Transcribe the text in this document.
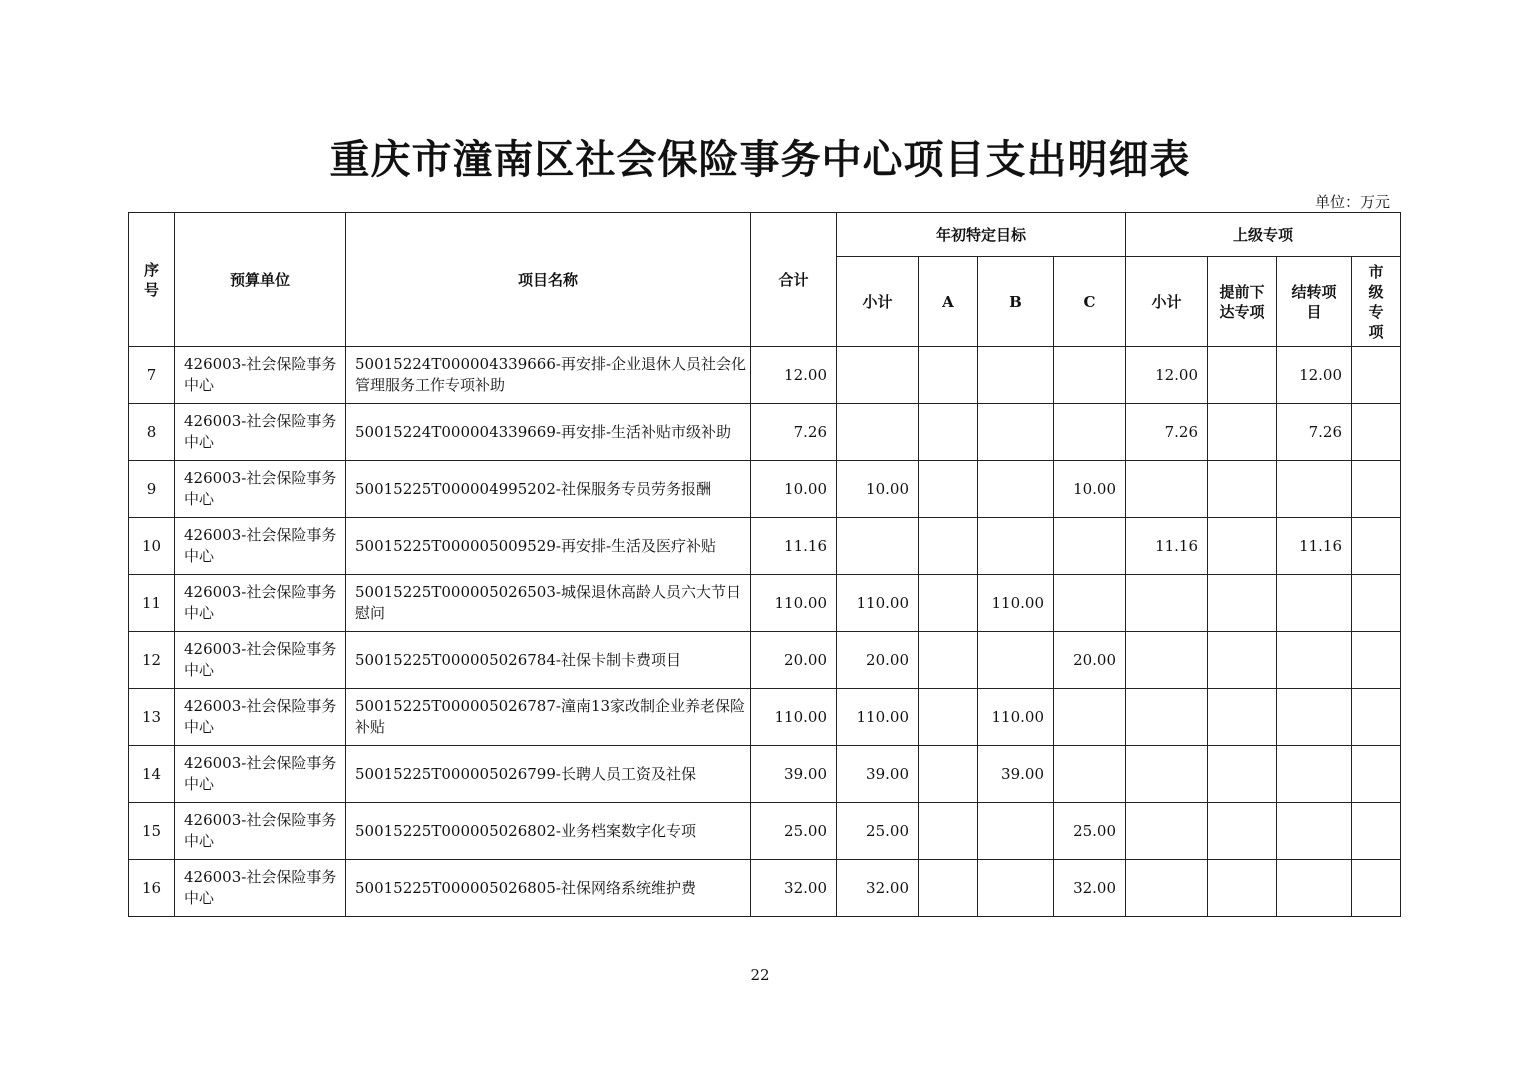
重庆市潼南区社会保险事务中心项目支出明细表
单位：万元
序号	预算单位	项目名称	合计	年初特定目标				上级专项			
				小计	A	B	C	小计	提前下达专项	结转项目	市级专项

7	426003-社会保险事务中心	50015224T000004339666-再安排-企业退休人员社会化管理服务工作专项补助	12.00					12.00		12.00	
8	426003-社会保险事务中心	50015224T000004339669-再安排-生活补贴市级补助	7.26					7.26		7.26	
9	426003-社会保险事务中心	50015225T000004995202-社保服务专员劳务报酬	10.00	10.00			10.00				
10	426003-社会保险事务中心	50015225T000005009529-再安排-生活及医疗补贴	11.16					11.16		11.16	
11	426003-社会保险事务中心	50015225T000005026503-城保退休高龄人员六大节日慰问	110.00	110.00		110.00					
12	426003-社会保险事务中心	50015225T000005026784-社保卡制卡费项目	20.00	20.00			20.00				
13	426003-社会保险事务中心	50015225T000005026787-潼南13家改制企业养老保险补贴	110.00	110.00		110.00					
14	426003-社会保险事务中心	50015225T000005026799-长聘人员工资及社保	39.00	39.00		39.00					
15	426003-社会保险事务中心	50015225T000005026802-业务档案数字化专项	25.00	25.00			25.00				
16	426003-社会保险事务中心	50015225T000005026805-社保网络系统维护费	32.00	32.00			32.00				
22
